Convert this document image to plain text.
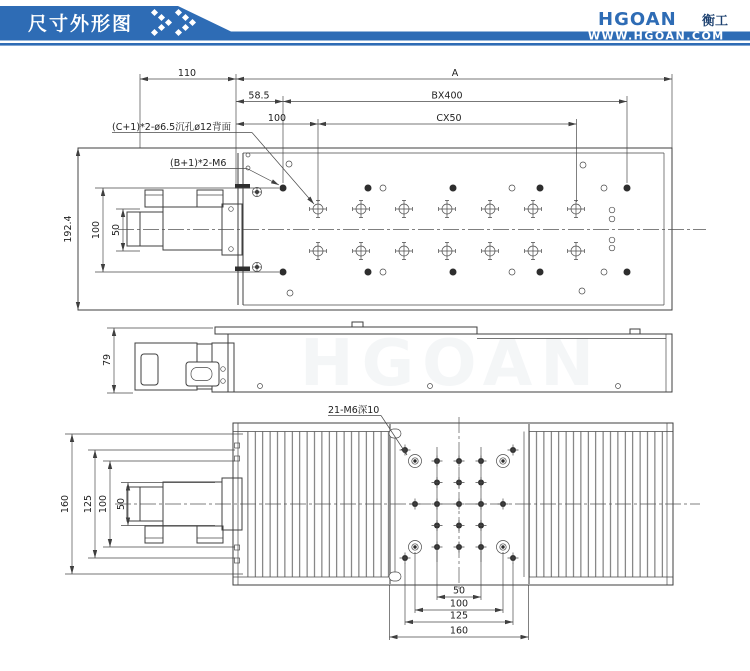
尺寸外形图	HGOAN 衡工
WWW.HGOAN.COM
HGOAN
110	A
58.5	BX400
100	CX50
192.4 100 50
(C+1)*2-ø6.5沉孔ø12背面
(B+1)*2-M6
79
21-M6深10
160 125 100 50
50
100
125
160
